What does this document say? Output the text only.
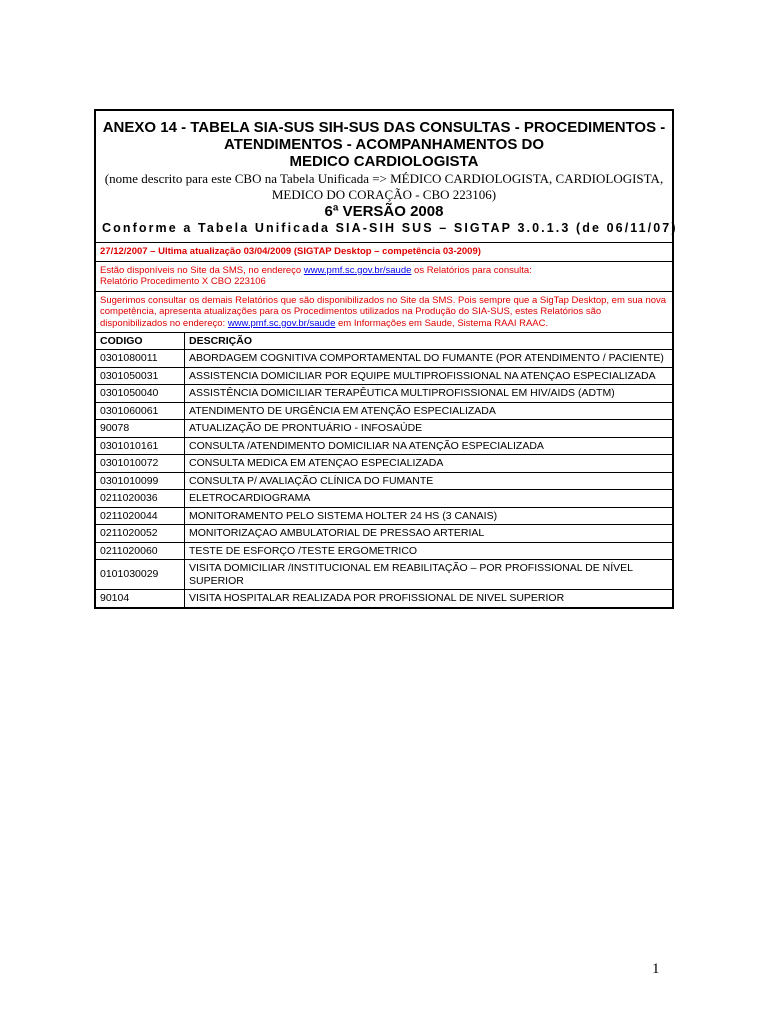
ANEXO 14 - TABELA SIA-SUS SIH-SUS DAS CONSULTAS - PROCEDIMENTOS -
ATENDIMENTOS - ACOMPANHAMENTOS DO
MEDICO CARDIOLOGISTA
(nome descrito para este CBO na Tabela Unificada => MÉDICO CARDIOLOGISTA, CARDIOLOGISTA,
MEDICO DO CORAÇÃO - CBO 223106)
6ª VERSÃO 2008
Conforme a Tabela Unificada SIA-SIH SUS – SIGTAP 3.0.1.3 (de 06/11/07)
27/12/2007 – Ultima atualização 03/04/2009 (SIGTAP Desktop – competência 03-2009)
Estão disponíveis no Site da SMS, no endereço www.pmf.sc.gov.br/saude os Relatórios para consulta:
Relatório Procedimento X CBO 223106
Sugerimos consultar os demais Relatórios que são disponibilizados no Site da SMS. Pois sempre que a SigTap Desktop, em sua nova competência, apresenta atualizações para os Procedimentos utilizados na Produção do SIA-SUS, estes Relatórios são disponibilizados no endereço: www.pmf.sc.gov.br/saude em Informações em Saude, Sistema RAAI RAAC.
CODIGO	DESCRIÇÃO
0301080011	ABORDAGEM COGNITIVA COMPORTAMENTAL DO FUMANTE (POR ATENDIMENTO / PACIENTE)
0301050031	ASSISTENCIA DOMICILIAR POR EQUIPE MULTIPROFISSIONAL NA ATENÇAO ESPECIALIZADA
0301050040	ASSISTÊNCIA DOMICILIAR TERAPÊUTICA MULTIPROFISSIONAL EM HIV/AIDS (ADTM)
0301060061	ATENDIMENTO DE URGÊNCIA EM ATENÇÃO ESPECIALIZADA
90078	ATUALIZAÇÃO DE PRONTUÁRIO - INFOSAÚDE
0301010161	CONSULTA /ATENDIMENTO DOMICILIAR NA ATENÇÃO ESPECIALIZADA
0301010072	CONSULTA MEDICA EM ATENÇAO ESPECIALIZADA
0301010099	CONSULTA P/ AVALIAÇÃO CLÍNICA DO FUMANTE
0211020036	ELETROCARDIOGRAMA
0211020044	MONITORAMENTO PELO SISTEMA HOLTER 24 HS (3 CANAIS)
0211020052	MONITORIZAÇAO AMBULATORIAL DE PRESSAO ARTERIAL
0211020060	TESTE DE ESFORÇO /TESTE ERGOMETRICO
0101030029	VISITA DOMICILIAR /INSTITUCIONAL EM REABILITAÇÃO – POR PROFISSIONAL DE NÍVEL SUPERIOR
90104	VISITA HOSPITALAR REALIZADA POR PROFISSIONAL DE NIVEL SUPERIOR
1
